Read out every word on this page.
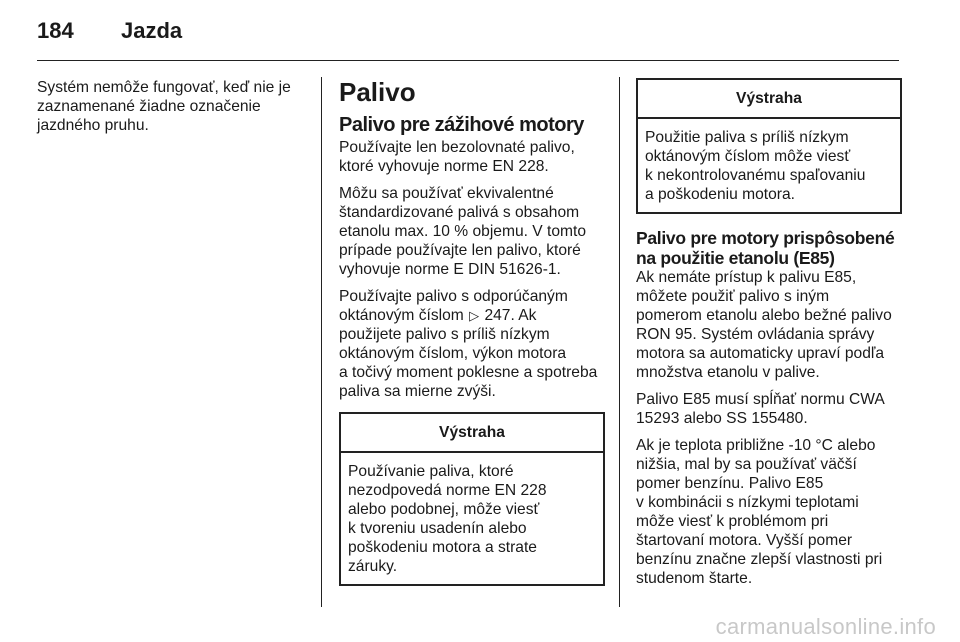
184 Jazda

Systém nemôže fungovať, keď nie je
zaznamenané žiadne označenie
jazdného pruhu.

Palivo
Palivo pre zážihové motory

Používajte len bezolovnaté palivo,
ktoré vyhovuje norme EN 228.

Môžu sa používať ekvivalentné
štandardizované palivá s obsahom
etanolu max. 10 % objemu. V tomto
prípade používajte len palivo, ktoré
vyhovuje norme E DIN 51626-1.

Používajte palivo s odporúčaným
oktánovým číslom ▷ 247. Ak
použijete palivo s príliš nízkym
oktánovým číslom, výkon motora
a točivý moment poklesne a spotreba
paliva sa mierne zvýši.

Výstraha
Používanie paliva, ktoré
nezodpovedá norme EN 228
alebo podobnej, môže viesť
k tvoreniu usadenín alebo
poškodeniu motora a strate
záruky.
Výstraha
Použitie paliva s príliš nízkym
oktánovým číslom môže viesť
k nekontrolovanému spaľovaniu
a poškodeniu motora.
Palivo pre motory prispôsobené
na použitie etanolu (E85)

Ak nemáte prístup k palivu E85,
môžete použiť palivo s iným
pomerom etanolu alebo bežné palivo
RON 95. Systém ovládania správy
motora sa automaticky upraví podľa
množstva etanolu v palive.

Palivo E85 musí spĺňať normu CWA
15293 alebo SS 155480.

Ak je teplota približne -10 °C alebo
nižšia, mal by sa používať väčší
pomer benzínu. Palivo E85
v kombinácii s nízkymi teplotami
môže viesť k problémom pri
štartovaní motora. Vyšší pomer
benzínu značne zlepší vlastnosti pri
studenom štarte.

carmanualsonline.info
